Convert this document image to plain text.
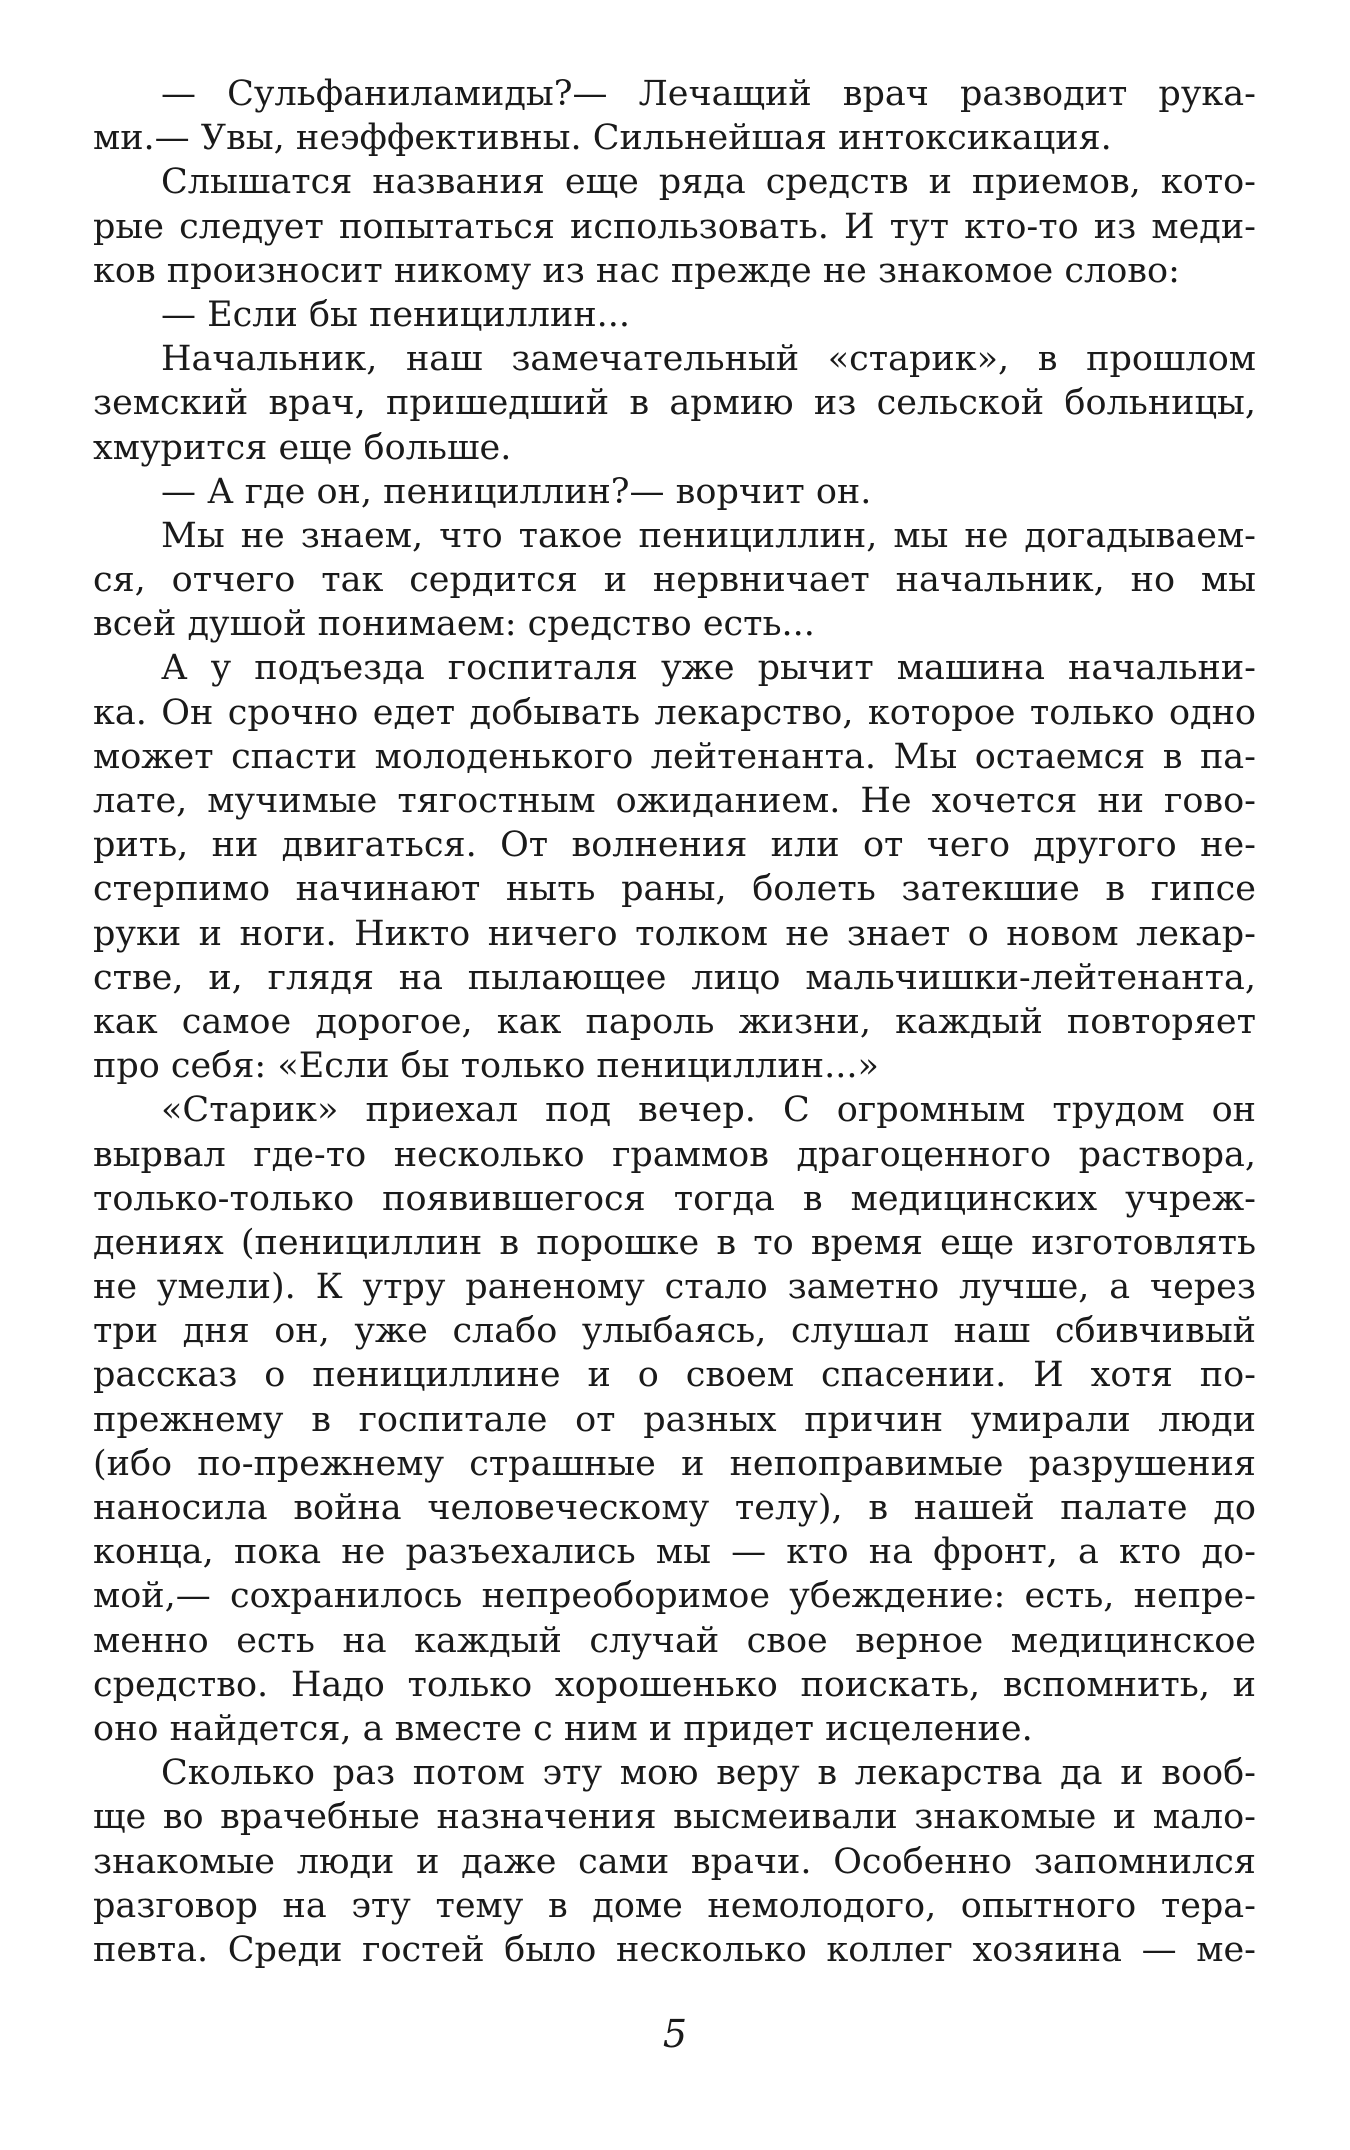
— Сульфаниламиды?— Лечащий врач разводит рука-
ми.— Увы, неэффективны. Сильнейшая интоксикация.
Слышатся названия еще ряда средств и приемов, кото-
рые следует попытаться использовать. И тут кто-то из меди-
ков произносит никому из нас прежде не знакомое слово:
— Если бы пенициллин...
Начальник, наш замечательный «старик», в прошлом
земский врач, пришедший в армию из сельской больницы,
хмурится еще больше.
— А где он, пенициллин?— ворчит он.
Мы не знаем, что такое пенициллин, мы не догадываем-
ся, отчего так сердится и нервничает начальник, но мы
всей душой понимаем: средство есть...
А у подъезда госпиталя уже рычит машина начальни-
ка. Он срочно едет добывать лекарство, которое только одно
может спасти молоденького лейтенанта. Мы остаемся в па-
лате, мучимые тягостным ожиданием. Не хочется ни гово-
рить, ни двигаться. От волнения или от чего другого не-
стерпимо начинают ныть раны, болеть затекшие в гипсе
руки и ноги. Никто ничего толком не знает о новом лекар-
стве, и, глядя на пылающее лицо мальчишки-лейтенанта,
как самое дорогое, как пароль жизни, каждый повторяет
про себя: «Если бы только пенициллин...»
«Старик» приехал под вечер. С огромным трудом он
вырвал где-то несколько граммов драгоценного раствора,
только-только появившегося тогда в медицинских учреж-
дениях (пенициллин в порошке в то время еще изготовлять
не умели). К утру раненому стало заметно лучше, а через
три дня он, уже слабо улыбаясь, слушал наш сбивчивый
рассказ о пенициллине и о своем спасении. И хотя по-
прежнему в госпитале от разных причин умирали люди
(ибо по-прежнему страшные и непоправимые разрушения
наносила война человеческому телу), в нашей палате до
конца, пока не разъехались мы — кто на фронт, а кто до-
мой,— сохранилось непреоборимое убеждение: есть, непре-
менно есть на каждый случай свое верное медицинское
средство. Надо только хорошенько поискать, вспомнить, и
оно найдется, а вместе с ним и придет исцеление.
Сколько раз потом эту мою веру в лекарства да и вооб-
ще во врачебные назначения высмеивали знакомые и мало-
знакомые люди и даже сами врачи. Особенно запомнился
разговор на эту тему в доме немолодого, опытного тера-
певта. Среди гостей было несколько коллег хозяина — ме-
5
